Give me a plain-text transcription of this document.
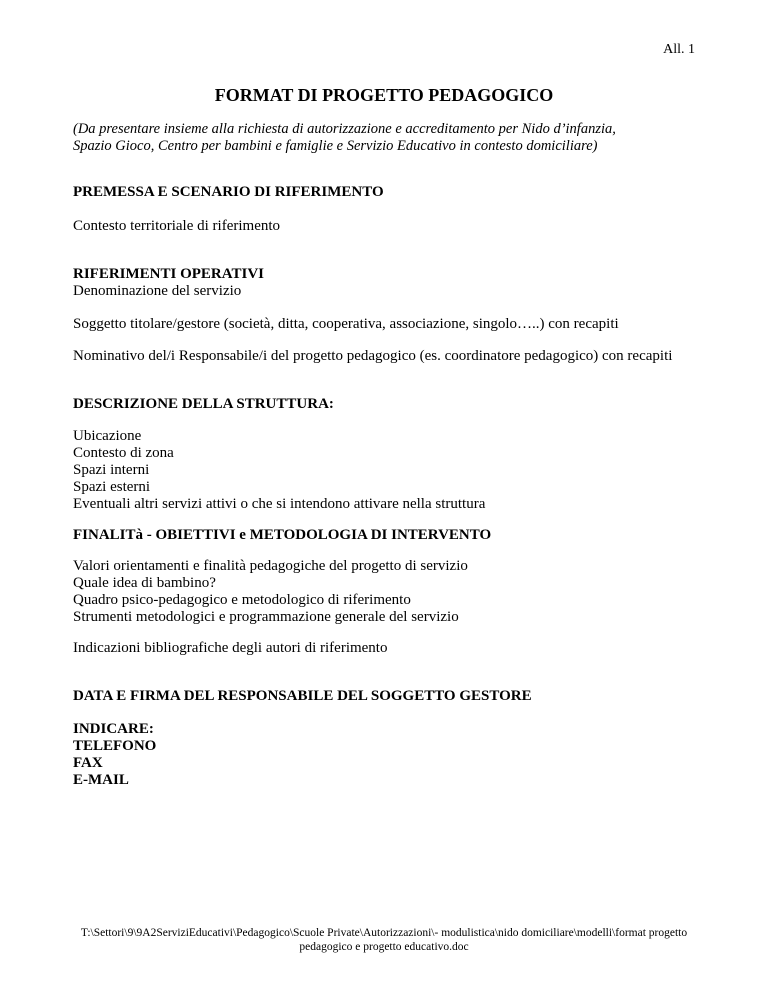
All. 1
FORMAT DI PROGETTO PEDAGOGICO
(Da presentare insieme alla richiesta di autorizzazione e accreditamento per Nido d’infanzia,
Spazio Gioco, Centro per bambini e famiglie e Servizio Educativo in contesto domiciliare)
PREMESSA E SCENARIO DI RIFERIMENTO
Contesto territoriale di riferimento
RIFERIMENTI OPERATIVI
Denominazione del servizio
Soggetto titolare/gestore (società, ditta, cooperativa, associazione, singolo…..) con recapiti
Nominativo del/i Responsabile/i del progetto pedagogico (es. coordinatore pedagogico) con recapiti
DESCRIZIONE DELLA STRUTTURA:
Ubicazione
Contesto di zona
Spazi interni
Spazi esterni
Eventuali altri servizi attivi o che si intendono attivare nella struttura
FINALITà - OBIETTIVI e METODOLOGIA DI INTERVENTO
Valori orientamenti e finalità pedagogiche del progetto di servizio
Quale idea di bambino?
Quadro psico-pedagogico e metodologico di riferimento
Strumenti metodologici e programmazione generale del servizio
Indicazioni bibliografiche degli autori di riferimento
DATA E FIRMA DEL RESPONSABILE DEL SOGGETTO GESTORE
INDICARE:
TELEFONO
FAX
E-MAIL
T:\Settori\9\9A2ServiziEducativi\Pedagogico\Scuole Private\Autorizzazioni\- modulistica\nido domiciliare\modelli\format progetto
pedagogico e progetto educativo.doc
